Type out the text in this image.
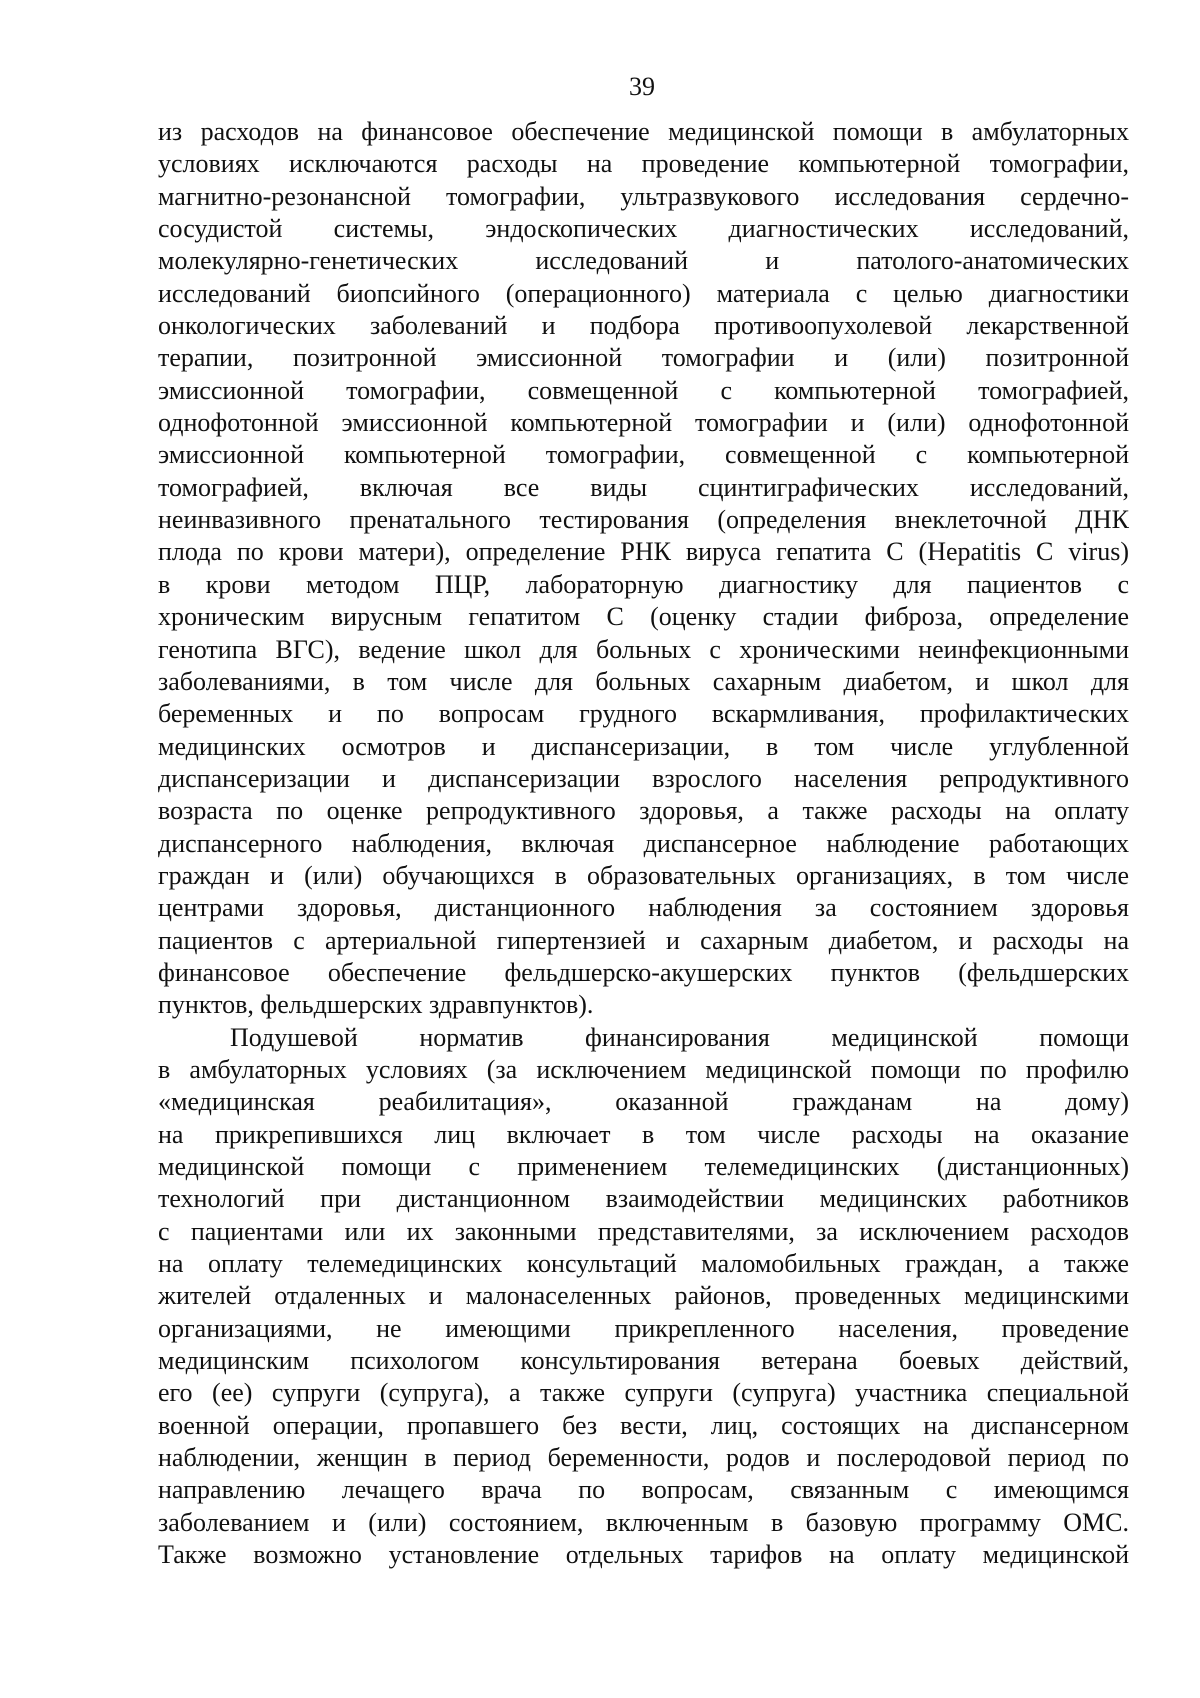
39
из расходов на финансовое обеспечение медицинской помощи в амбулаторных
условиях исключаются расходы на проведение компьютерной томографии,
магнитно-резонансной томографии, ультразвукового исследования сердечно-
сосудистой системы, эндоскопических диагностических исследований,
молекулярно-генетических исследований и патолого-анатомических
исследований биопсийного (операционного) материала с целью диагностики
онкологических заболеваний и подбора противоопухолевой лекарственной
терапии, позитронной эмиссионной томографии и (или) позитронной
эмиссионной томографии, совмещенной с компьютерной томографией,
однофотонной эмиссионной компьютерной томографии и (или) однофотонной
эмиссионной компьютерной томографии, совмещенной с компьютерной
томографией, включая все виды сцинтиграфических исследований,
неинвазивного пренатального тестирования (определения внеклеточной ДНК
плода по крови матери), определение РНК вируса гепатита С (Hepatitis C virus)
в крови методом ПЦР, лабораторную диагностику для пациентов с
хроническим вирусным гепатитом С (оценку стадии фиброза, определение
генотипа ВГС), ведение школ для больных с хроническими неинфекционными
заболеваниями, в том числе для больных сахарным диабетом, и школ для
беременных и по вопросам грудного вскармливания, профилактических
медицинских осмотров и диспансеризации, в том числе углубленной
диспансеризации и диспансеризации взрослого населения репродуктивного
возраста по оценке репродуктивного здоровья, а также расходы на оплату
диспансерного наблюдения, включая диспансерное наблюдение работающих
граждан и (или) обучающихся в образовательных организациях, в том числе
центрами здоровья, дистанционного наблюдения за состоянием здоровья
пациентов с артериальной гипертензией и сахарным диабетом, и расходы на
финансовое обеспечение фельдшерско-акушерских пунктов (фельдшерских
пунктов, фельдшерских здравпунктов).
Подушевой норматив финансирования медицинской помощи
в амбулаторных условиях (за исключением медицинской помощи по профилю
«медицинская реабилитация», оказанной гражданам на дому)
на прикрепившихся лиц включает в том числе расходы на оказание
медицинской помощи с применением телемедицинских (дистанционных)
технологий при дистанционном взаимодействии медицинских работников
с пациентами или их законными представителями, за исключением расходов
на оплату телемедицинских консультаций маломобильных граждан, а также
жителей отдаленных и малонаселенных районов, проведенных медицинскими
организациями, не имеющими прикрепленного населения, проведение
медицинским психологом консультирования ветерана боевых действий,
его (ее) супруги (супруга), а также супруги (супруга) участника специальной
военной операции, пропавшего без вести, лиц, состоящих на диспансерном
наблюдении, женщин в период беременности, родов и послеродовой период по
направлению лечащего врача по вопросам, связанным с имеющимся
заболеванием и (или) состоянием, включенным в базовую программу ОМС.
Также возможно установление отдельных тарифов на оплату медицинской
